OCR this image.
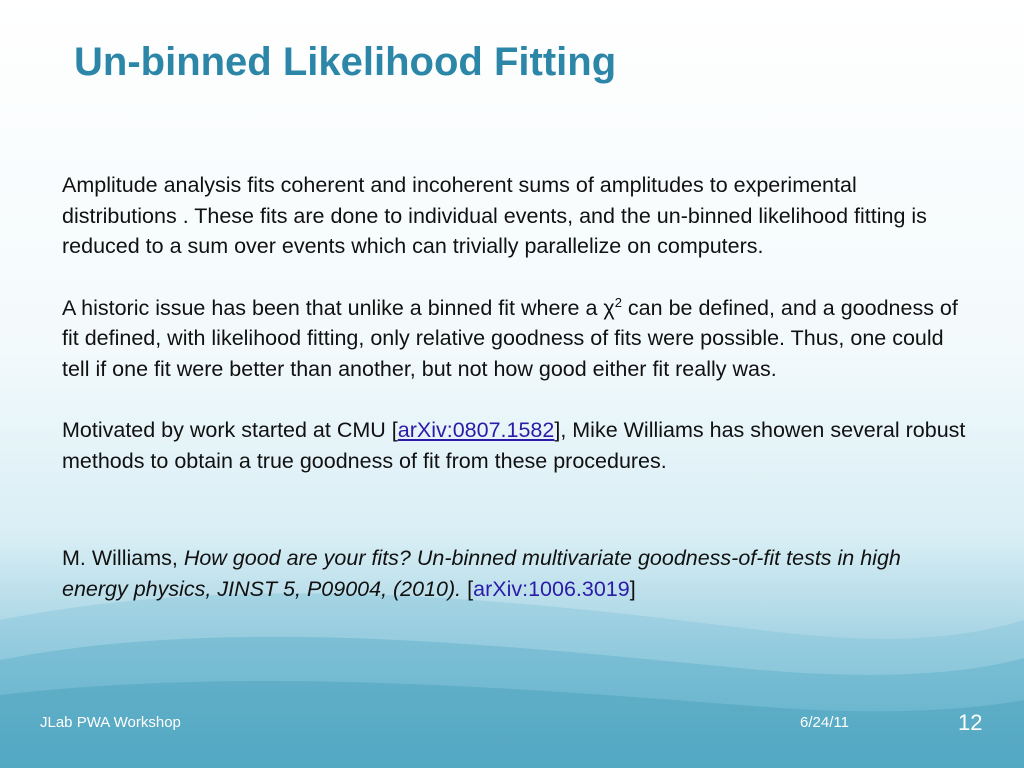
Un-binned Likelihood Fitting

Amplitude analysis fits coherent and incoherent sums of amplitudes to experimental distributions . These fits are done to individual events, and the un-binned likelihood fitting is reduced to a sum over events which can trivially parallelize on computers.

A historic issue has been that unlike a binned fit where a $\chi^2$ can be defined, and a goodness of fit defined, with likelihood fitting, only relative goodness of fits were possible. Thus, one could tell if one fit were better than another, but not how good either fit really was.

Motivated by work started at CMU [arXiv:0807.1582], Mike Williams has showen several robust methods to obtain a true goodness of fit from these procedures.

M. Williams, How good are your fits? Un-binned multivariate goodness-of-fit tests in high energy physics, JINST 5, P09004, (2010). [arXiv:1006.3019]
JLab PWA Workshop	6/24/11	12
